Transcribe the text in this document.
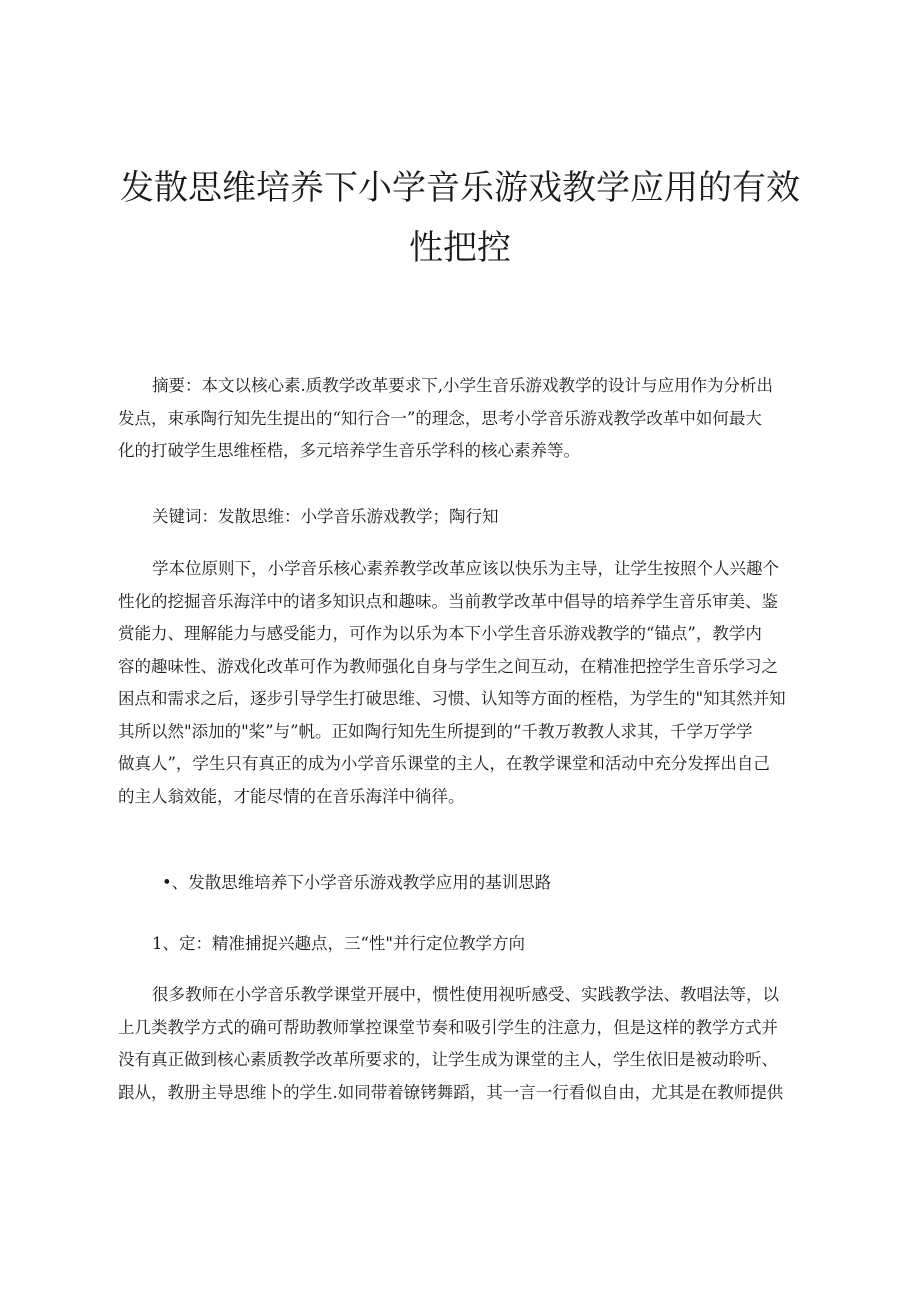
发散思维培养下小学音乐游戏教学应用的有效
性把控

摘要：本文以核心素.质教学改革要求下,小学生音乐游戏教学的设计与应用作为分析出
发点，束承陶行知先生提出的“知行合一”的理念，思考小学音乐游戏教学改革中如何最大
化的打破学生思维桎梏，多元培养学生音乐学科的核心素养等。

关键词：发散思维：小学音乐游戏教学；陶行知

学本位原则下，小学音乐核心素养教学改革应该以快乐为主导，让学生按照个人兴趣个
性化的挖掘音乐海洋中的诸多知识点和趣味。当前教学改革中倡导的培养学生音乐审美、鉴
赏能力、理解能力与感受能力，可作为以乐为本下小学生音乐游戏教学的“锚点”，教学内
容的趣味性、游戏化改革可作为教师强化自身与学生之间互动，在精准把控学生音乐学习之
困点和需求之后，逐步引导学生打破思维、习惯、认知等方面的桎梏，为学生的"知其然并知
其所以然"添加的"桨”与”帆。正如陶行知先生所提到的“千教万教教人求其，千学万学学
做真人”，学生只有真正的成为小学音乐课堂的主人，在教学课堂和活动中充分发挥出自己
的主人翁效能，才能尽情的在音乐海洋中徜徉。

•、发散思维培养下小学音乐游戏教学应用的基训思路

1、定：精准捕捉兴趣点，三“性"并行定位教学方向

很多教师在小学音乐教学课堂开展中，惯性使用视听感受、实践教学法、教唱法等，以
上几类教学方式的确可帮助教师掌控课堂节奏和吸引学生的注意力，但是这样的教学方式并
没有真正做到核心素质教学改革所要求的，让学生成为课堂的主人，学生依旧是被动聆听、
跟从，教册主导思维卜的学生.如同带着镣铐舞蹈，其一言一行看似自由，尤其是在教师提供
